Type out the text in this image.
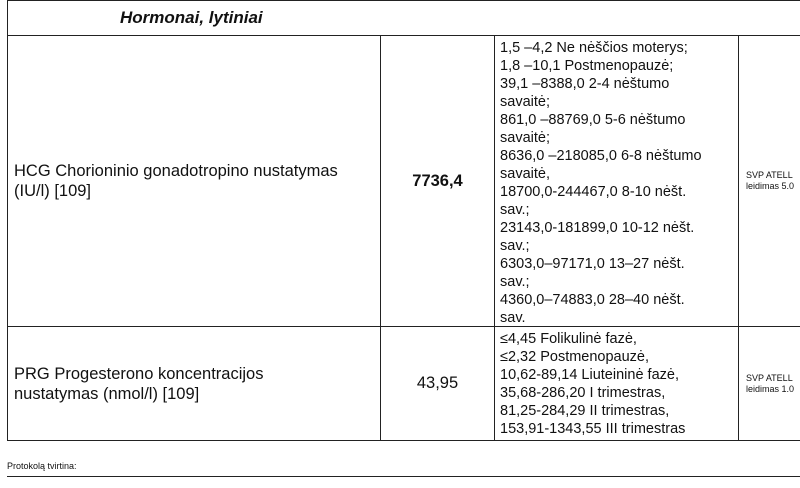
Hormonai, lytiniai
HCG Chorioninio gonadotropino nustatymas
(IU/l) [109]
7736,4
1,5 –4,2 Ne nėščios moterys;
1,8 –10,1 Postmenopauzė;
39,1 –8388,0 2-4 nėštumo
savaitė;
861,0 –88769,0 5-6 nėštumo
savaitė;
8636,0 –218085,0 6-8 nėštumo
savaitė,
18700,0-244467,0 8-10 nėšt.
sav.;
23143,0-181899,0 10-12 nėšt.
sav.;
6303,0–97171,0 13–27 nėšt.
sav.;
4360,0–74883,0 28–40 nėšt.
sav.
SVP ATELL
leidimas 5.0
PRG Progesterono koncentracijos
nustatymas (nmol/l) [109]
43,95
≤4,45 Folikulinė fazė,
≤2,32 Postmenopauzė,
10,62-89,14 Liuteininė fazė,
35,68-286,20 I trimestras,
81,25-284,29 II trimestras,
153,91-1343,55 III trimestras
SVP ATELL
leidimas 1.0
Protokolą tvirtina:
